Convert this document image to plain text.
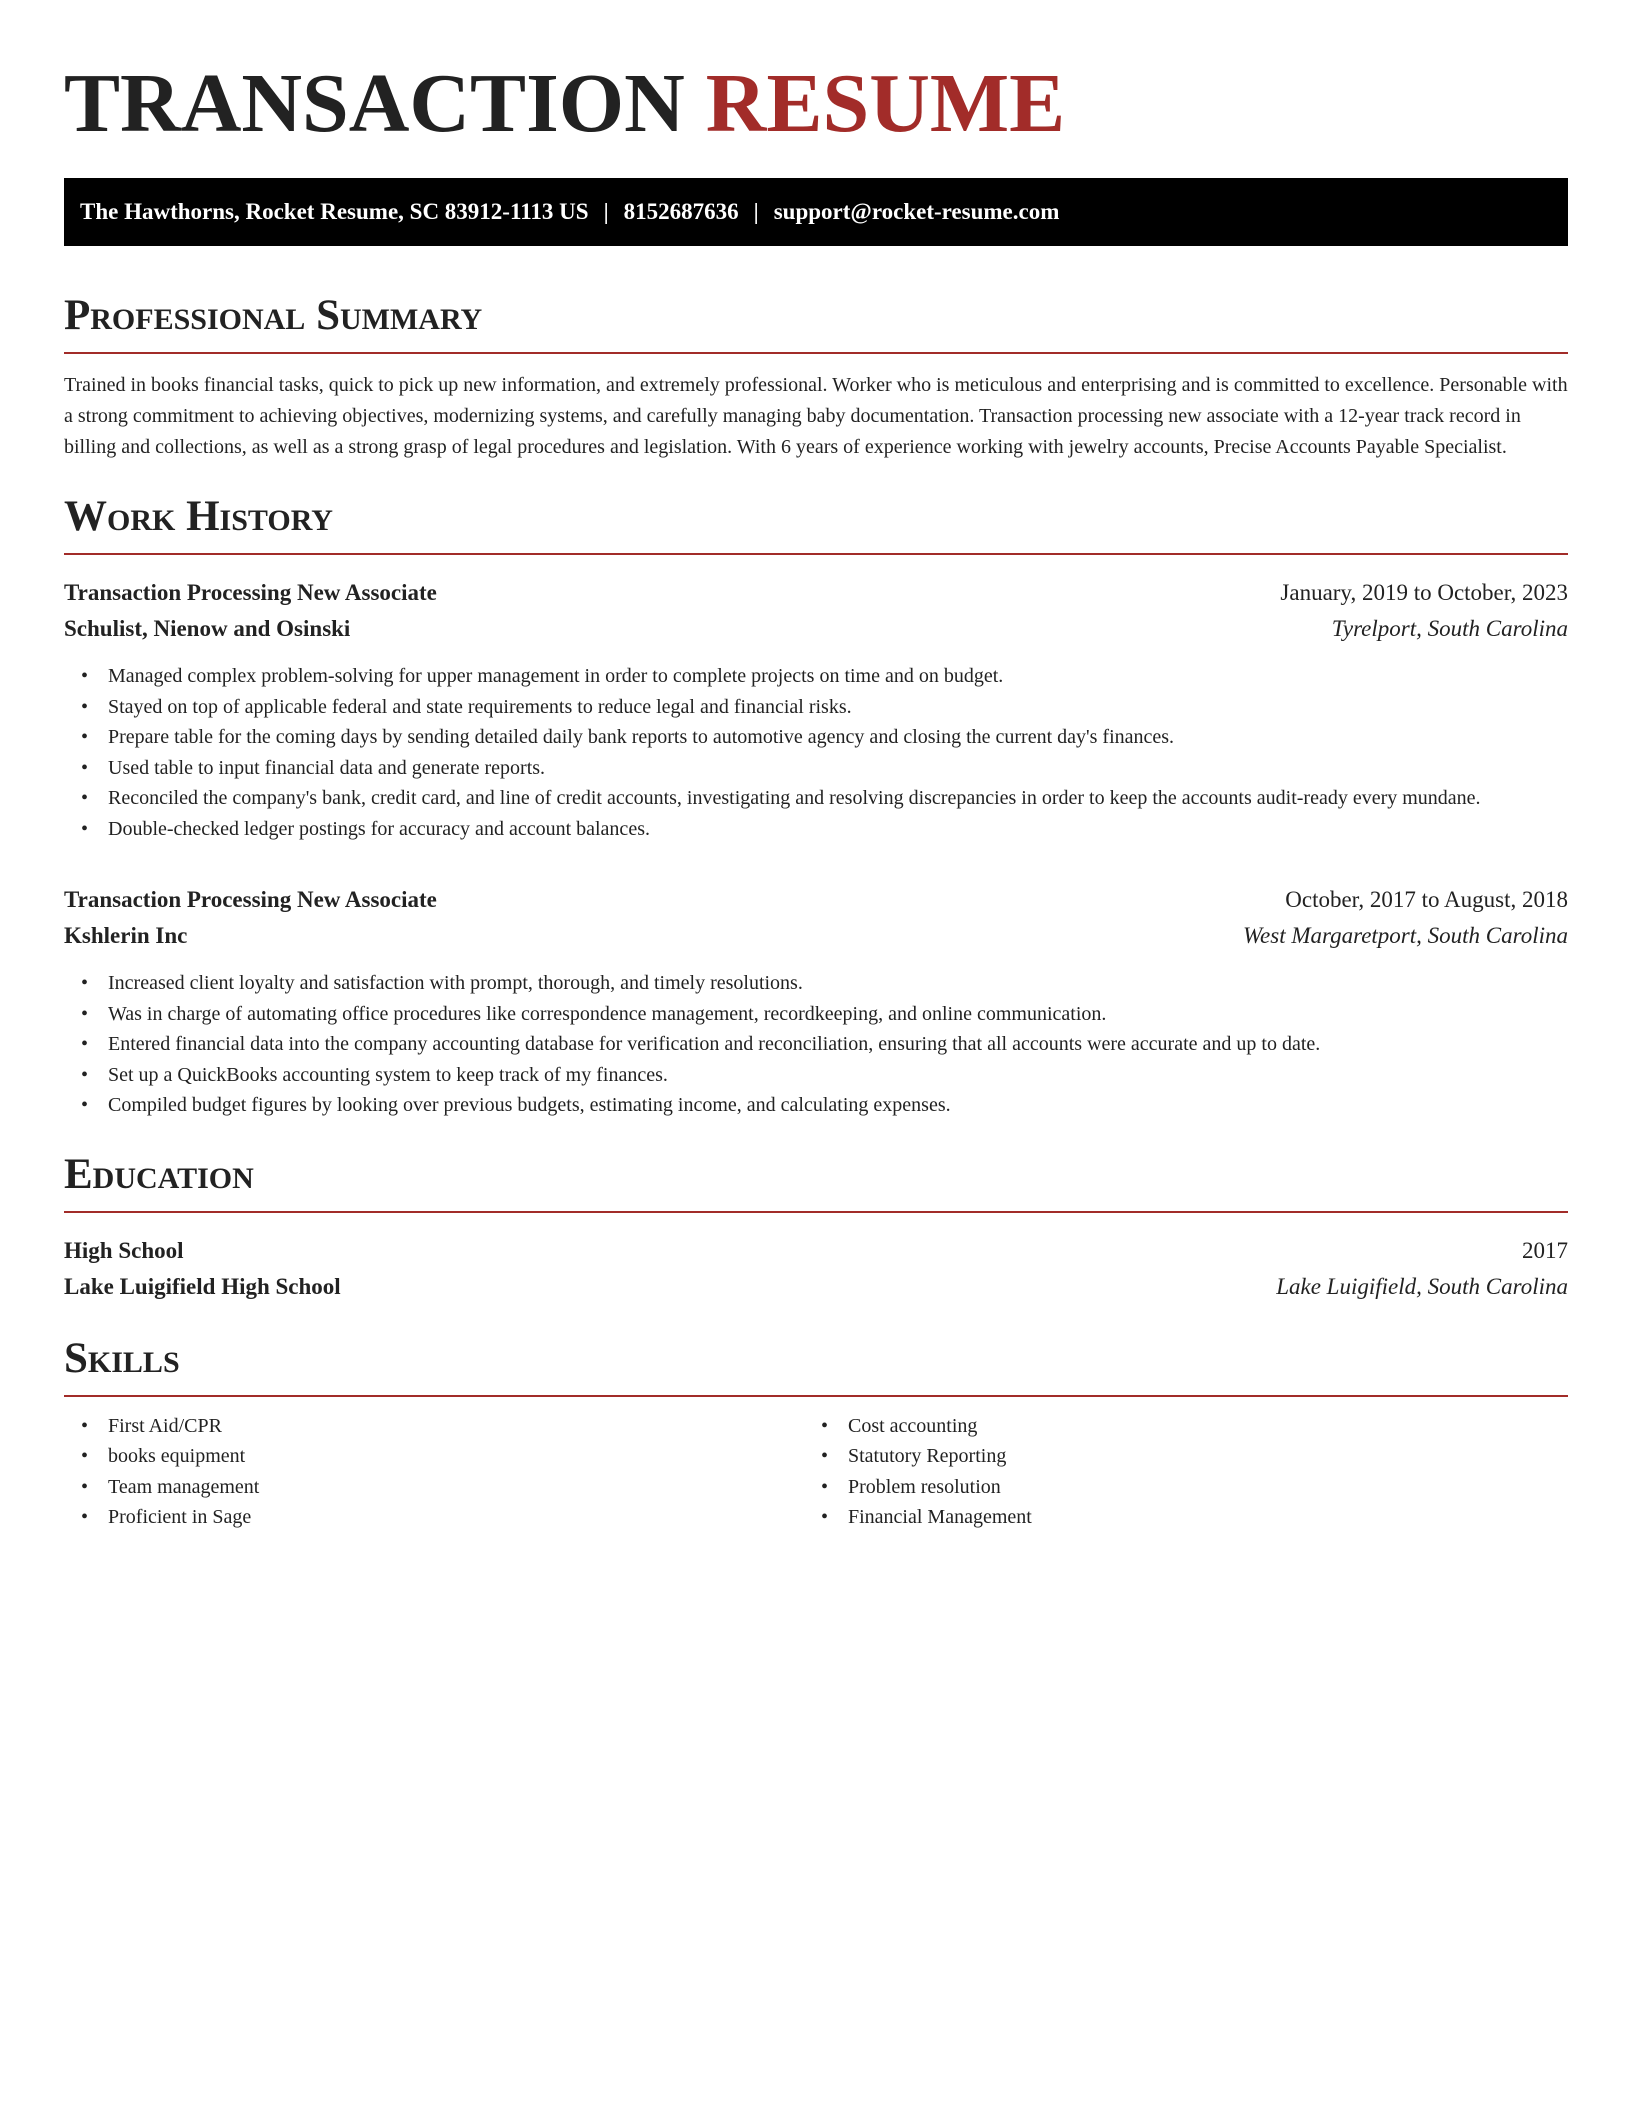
TRANSACTION RESUME
The Hawthorns, Rocket Resume, SC 83912-1113 US | 8152687636 | support@rocket-resume.com
Professional Summary

Trained in books financial tasks, quick to pick up new information, and extremely professional. Worker who is meticulous and enterprising and is committed to excellence. Personable with a strong commitment to achieving objectives, modernizing systems, and carefully managing baby documentation. Transaction processing new associate with a 12-year track record in billing and collections, as well as a strong grasp of legal procedures and legislation. With 6 years of experience working with jewelry accounts, Precise Accounts Payable Specialist.

Work History
Transaction Processing New Associate	January, 2019 to October, 2023
Schulist, Nienow and Osinski	Tyrelport, South Carolina
• Managed complex problem-solving for upper management in order to complete projects on time and on budget.
• Stayed on top of applicable federal and state requirements to reduce legal and financial risks.
• Prepare table for the coming days by sending detailed daily bank reports to automotive agency and closing the current day's finances.
• Used table to input financial data and generate reports.
• Reconciled the company's bank, credit card, and line of credit accounts, investigating and resolving discrepancies in order to keep the accounts audit-ready every mundane.
• Double-checked ledger postings for accuracy and account balances.
Transaction Processing New Associate	October, 2017 to August, 2018
Kshlerin Inc	West Margaretport, South Carolina
• Increased client loyalty and satisfaction with prompt, thorough, and timely resolutions.
• Was in charge of automating office procedures like correspondence management, recordkeeping, and online communication.
• Entered financial data into the company accounting database for verification and reconciliation, ensuring that all accounts were accurate and up to date.
• Set up a QuickBooks accounting system to keep track of my finances.
• Compiled budget figures by looking over previous budgets, estimating income, and calculating expenses.
Education
High School	2017
Lake Luigifield High School	Lake Luigifield, South Carolina
Skills
• First Aid/CPR
• books equipment
• Team management
• Proficient in Sage
• Cost accounting
• Statutory Reporting
• Problem resolution
• Financial Management
